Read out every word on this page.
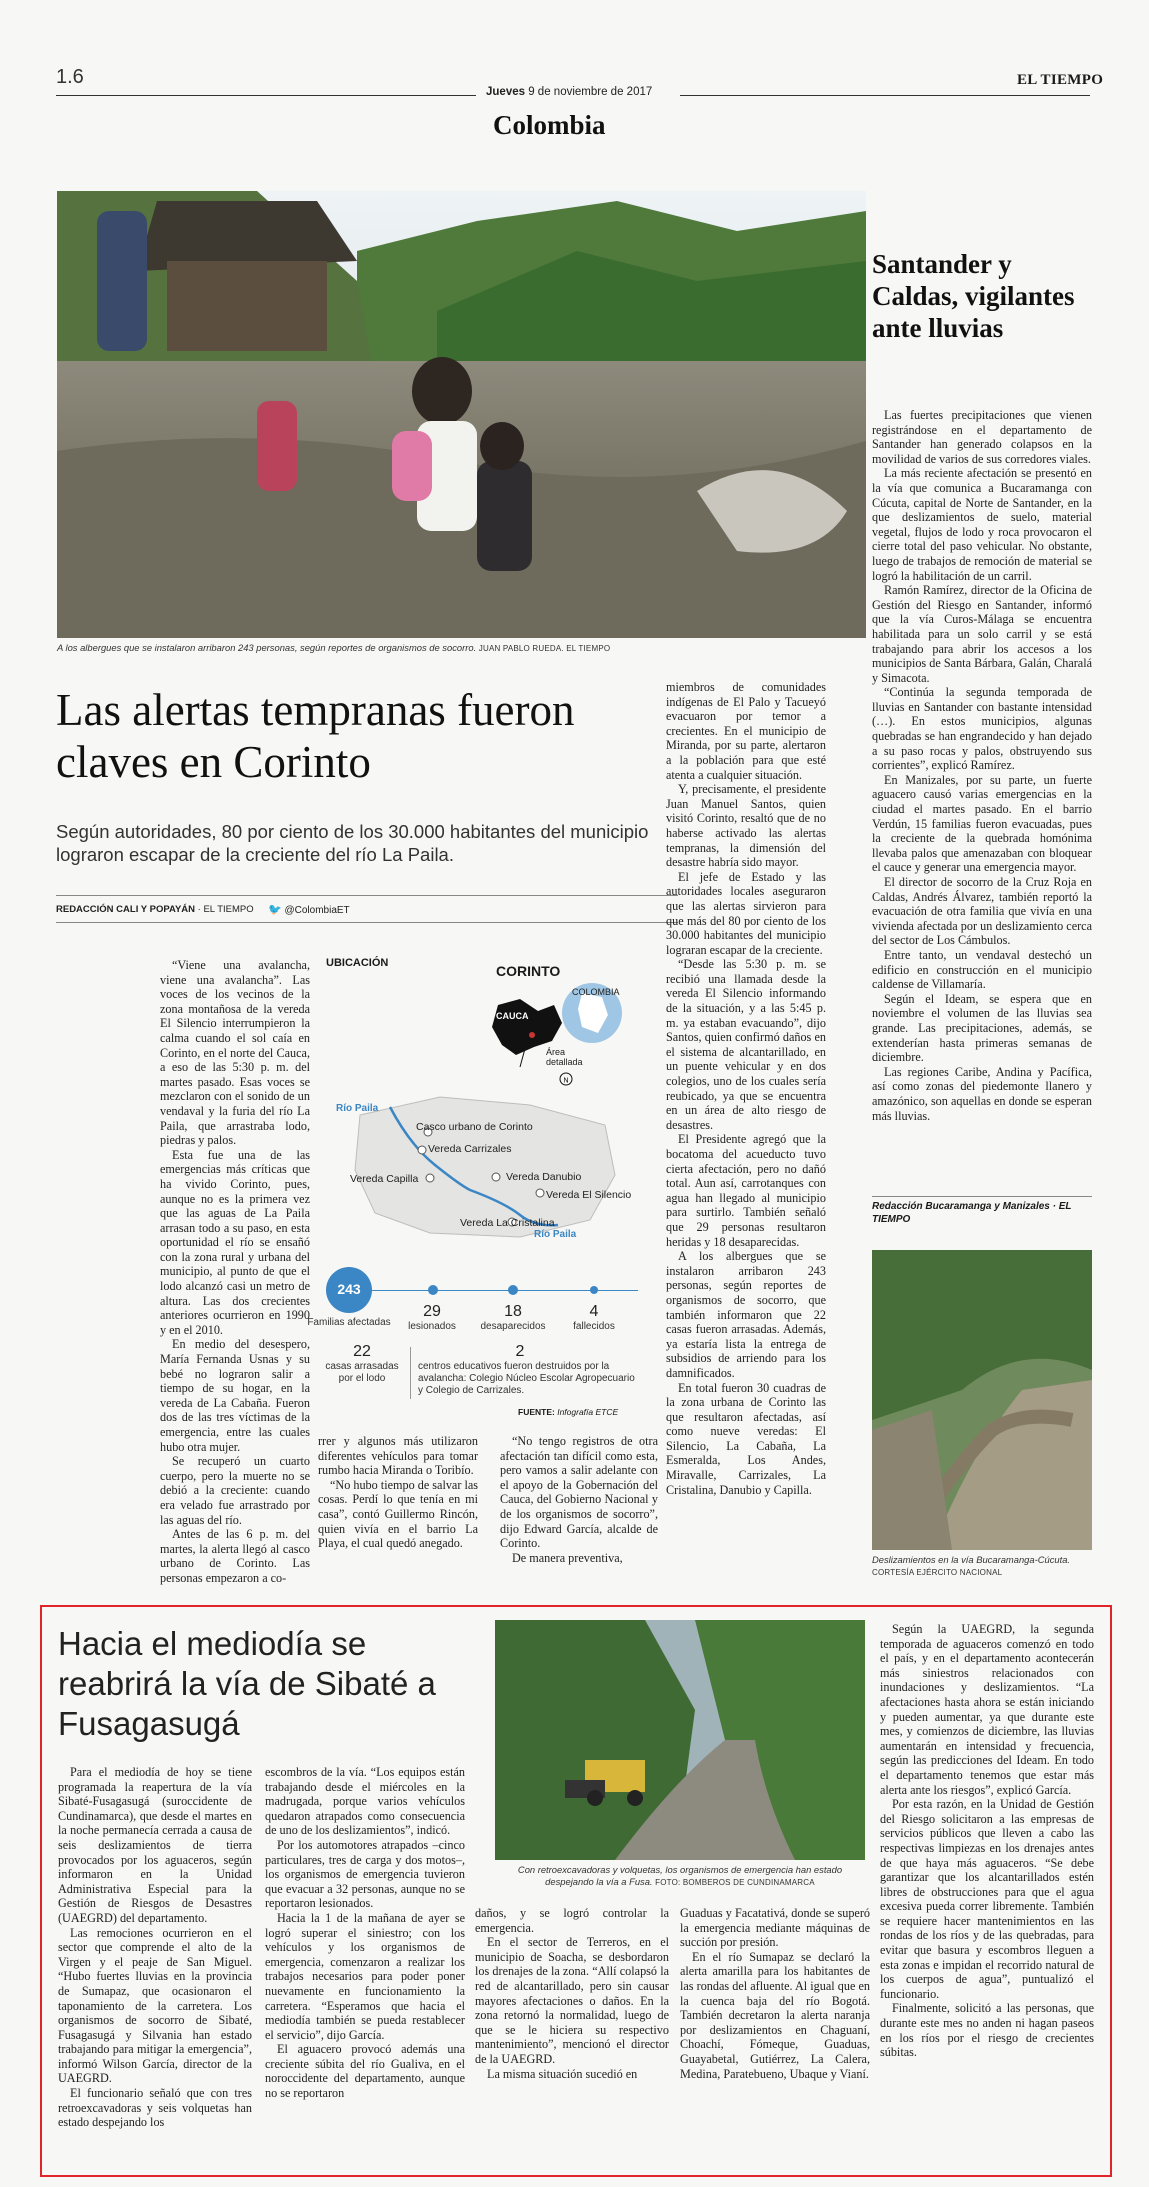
1.6
Jueves 9 de noviembre de 2017
Colombia
EL TIEMPO
A los albergues que se instalaron arribaron 243 personas, según reportes de organismos de socorro. JUAN PABLO RUEDA. EL TIEMPO
Las alertas tempranas fueron claves en Corinto
Según autoridades, 80 por ciento de los 30.000 habitantes del municipio lograron escapar de la creciente del río La Paila.
REDACCIÓN CALI Y POPAYÁN · EL TIEMPO 🐦 @ColombiaET

“Viene una avalancha, viene una avalancha”. Las voces de los vecinos de la zona montañosa de la vereda El Silencio interrumpieron la calma cuando el sol caía en Corinto, en el norte del Cauca, a eso de las 5:30 p. m. del martes pasado. Esas voces se mezclaron con el sonido de un vendaval y la furia del río La Paila, que arrastraba lodo, piedras y palos.

Esta fue una de las emergencias más críticas que ha vivido Corinto, pues, aunque no es la primera vez que las aguas de La Paila arrasan todo a su paso, en esta oportunidad el río se ensañó con la zona rural y urbana del municipio, al punto de que el lodo alcanzó casi un metro de altura. Las dos crecientes anteriores ocurrieron en 1990 y en el 2010.

En medio del desespero, María Fernanda Usnas y su bebé no lograron salir a tiempo de su hogar, en la vereda de La Cabaña. Fueron dos de las tres víctimas de la emergencia, entre las cuales hubo otra mujer.

Se recuperó un cuarto cuerpo, pero la muerte no se debió a la creciente: cuando era velado fue arrastrado por las aguas del río.

Antes de las 6 p. m. del martes, la alerta llegó al casco urbano de Corinto. Las personas empezaron a co-

rrer y algunos más utilizaron diferentes vehículos para tomar rumbo hacia Miranda o Toribío.

“No hubo tiempo de salvar las cosas. Perdí lo que tenía en mi casa”, contó Guillermo Rincón, quien vivía en el barrio La Playa, el cual quedó anegado.

“No tengo registros de otra afectación tan difícil como esta, pero vamos a salir adelante con el apoyo de la Gobernación del Cauca, del Gobierno Nacional y de los organismos de socorro”, dijo Edward García, alcalde de Corinto.

De manera preventiva,

miembros de comunidades indígenas de El Palo y Tacueyó evacuaron por temor a crecientes. En el municipio de Miranda, por su parte, alertaron a la población para que esté atenta a cualquier situación.

Y, precisamente, el presidente Juan Manuel Santos, quien visitó Corinto, resaltó que de no haberse activado las alertas tempranas, la dimensión del desastre habría sido mayor.

El jefe de Estado y las autoridades locales aseguraron que las alertas sirvieron para que más del 80 por ciento de los 30.000 habitantes del municipio lograran escapar de la creciente.

“Desde las 5:30 p. m. se recibió una llamada desde la vereda El Silencio informando de la situación, y a las 5:45 p. m. ya estaban evacuando”, dijo Santos, quien confirmó daños en el sistema de alcantarillado, en un puente vehicular y en dos colegios, uno de los cuales sería reubicado, ya que se encuentra en un área de alto riesgo de desastres.

El Presidente agregó que la bocatoma del acueducto tuvo cierta afectación, pero no dañó total. Aun así, carrotanques con agua han llegado al municipio para surtirlo. También señaló que 29 personas resultaron heridas y 18 desaparecidas.

A los albergues que se instalaron arribaron 243 personas, según reportes de organismos de socorro, que también informaron que 22 casas fueron arrasadas. Además, ya estaría lista la entrega de subsidios de arriendo para los damnificados.

En total fueron 30 cuadras de la zona urbana de Corinto las que resultaron afectadas, así como nueve veredas: El Silencio, La Cabaña, La Esmeralda, Los Andes, Miravalle, Carrizales, La Cristalina, Danubio y Capilla.

UBICACIÓN	CORINTO
N
CAUCA
COLOMBIA
Área detallada
Río Paila
Río Paila
Casco urbano de Corinto
Vereda Carrizales
Vereda Capilla	Vereda Danubio
Vereda El Silencio
Vereda La Cristalina
243
Familias afectadas
29
lesionados
18
desaparecidos
4
fallecidos
22
casas arrasadas por el lodo
2
centros educativos fueron destruidos por la avalancha: Colegio Núcleo Escolar Agropecuario y Colegio de Carrizales.
FUENTE: Infografía ETCE
Santander y Caldas, vigilantes ante lluvias

Las fuertes precipitaciones que vienen registrándose en el departamento de Santander han generado colapsos en la movilidad de varios de sus corredores viales.

La más reciente afectación se presentó en la vía que comunica a Bucaramanga con Cúcuta, capital de Norte de Santander, en la que deslizamientos de suelo, material vegetal, flujos de lodo y roca provocaron el cierre total del paso vehicular. No obstante, luego de trabajos de remoción de material se logró la habilitación de un carril.

Ramón Ramírez, director de la Oficina de Gestión del Riesgo en Santander, informó que la vía Curos-Málaga se encuentra habilitada para un solo carril y se está trabajando para abrir los accesos a los municipios de Santa Bárbara, Galán, Charalá y Simacota.

“Continúa la segunda temporada de lluvias en Santander con bastante intensidad (…). En estos municipios, algunas quebradas se han engrandecido y han dejado a su paso rocas y palos, obstruyendo sus corrientes”, explicó Ramírez.

En Manizales, por su parte, un fuerte aguacero causó varias emergencias en la ciudad el martes pasado. En el barrio Verdún, 15 familias fueron evacuadas, pues la creciente de la quebrada homónima llevaba palos que amenazaban con bloquear el cauce y generar una emergencia mayor.

El director de socorro de la Cruz Roja en Caldas, Andrés Álvarez, también reportó la evacuación de otra familia que vivía en una vivienda afectada por un deslizamiento cerca del sector de Los Cámbulos.

Entre tanto, un vendaval destechó un edificio en construcción en el municipio caldense de Villamaría.

Según el Ideam, se espera que en noviembre el volumen de las lluvias sea grande. Las precipitaciones, además, se extenderían hasta primeras semanas de diciembre.

Las regiones Caribe, Andina y Pacífica, así como zonas del piedemonte llanero y amazónico, son aquellas en donde se esperan más lluvias.

Redacción Bucaramanga y Manizales · EL TIEMPO
Deslizamientos en la vía Bucaramanga-Cúcuta. CORTESÍA EJÉRCITO NACIONAL
Hacia el mediodía se reabrirá la vía de Sibaté a Fusagasugá

Para el mediodía de hoy se tiene programada la reapertura de la vía Sibaté-Fusagasugá (suroccidente de Cundinamarca), que desde el martes en la noche permanecía cerrada a causa de seis deslizamientos de tierra provocados por los aguaceros, según informaron en la Unidad Administrativa Especial para la Gestión de Riesgos de Desastres (UAEGRD) del departamento.

Las remociones ocurrieron en el sector que comprende el alto de la Virgen y el peaje de San Miguel. “Hubo fuertes lluvias en la provincia de Sumapaz, que ocasionaron el taponamiento de la carretera. Los organismos de socorro de Sibaté, Fusagasugá y Silvania han estado trabajando para mitigar la emergencia”, informó Wilson García, director de la UAEGRD.

El funcionario señaló que con tres retroexcavadoras y seis volquetas han estado despejando los

escombros de la vía. “Los equipos están trabajando desde el miércoles en la madrugada, porque varios vehículos quedaron atrapados como consecuencia de uno de los deslizamientos”, indicó.

Por los automotores atrapados –cinco particulares, tres de carga y dos motos–, los organismos de emergencia tuvieron que evacuar a 32 personas, aunque no se reportaron lesionados.

Hacia la 1 de la mañana de ayer se logró superar el siniestro; con los vehículos y los organismos de emergencia, comenzaron a realizar los trabajos necesarios para poder poner nuevamente en funcionamiento la carretera. “Esperamos que hacia el mediodía también se pueda restablecer el servicio”, dijo García.

El aguacero provocó además una creciente súbita del río Gualiva, en el noroccidente del departamento, aunque no se reportaron

Con retroexcavadoras y volquetas, los organismos de emergencia han estado despejando la vía a Fusa. FOTO: BOMBEROS DE CUNDINAMARCA

daños, y se logró controlar la emergencia.

En el sector de Terreros, en el municipio de Soacha, se desbordaron los drenajes de la zona. “Allí colapsó la red de alcantarillado, pero sin causar mayores afectaciones o daños. En la zona retornó la normalidad, luego de que se le hiciera su respectivo mantenimiento”, mencionó el director de la UAEGRD.

La misma situación sucedió en

Guaduas y Facatativá, donde se superó la emergencia mediante máquinas de succión por presión.

En el río Sumapaz se declaró la alerta amarilla para los habitantes de las rondas del afluente. Al igual que en la cuenca baja del río Bogotá. También decretaron la alerta naranja por deslizamientos en Chaguaní, Choachí, Fómeque, Guaduas, Guayabetal, Gutiérrez, La Calera, Medina, Paratebueno, Ubaque y Vianí.

Según la UAEGRD, la segunda temporada de aguaceros comenzó en todo el país, y en el departamento acontecerán más siniestros relacionados con inundaciones y deslizamientos. “La afectaciones hasta ahora se están iniciando y pueden aumentar, ya que durante este mes, y comienzos de diciembre, las lluvias aumentarán en intensidad y frecuencia, según las predicciones del Ideam. En todo el departamento tenemos que estar más alerta ante los riesgos”, explicó García.

Por esta razón, en la Unidad de Gestión del Riesgo solicitaron a las empresas de servicios públicos que lleven a cabo las respectivas limpiezas en los drenajes antes de que haya más aguaceros. “Se debe garantizar que los alcantarillados estén libres de obstrucciones para que el agua excesiva pueda correr libremente. También se requiere hacer mantenimientos en las rondas de los ríos y de las quebradas, para evitar que basura y escombros lleguen a esta zonas e impidan el recorrido natural de los cuerpos de agua”, puntualizó el funcionario.

Finalmente, solicitó a las personas, que durante este mes no anden ni hagan paseos en los ríos por el riesgo de crecientes súbitas.
